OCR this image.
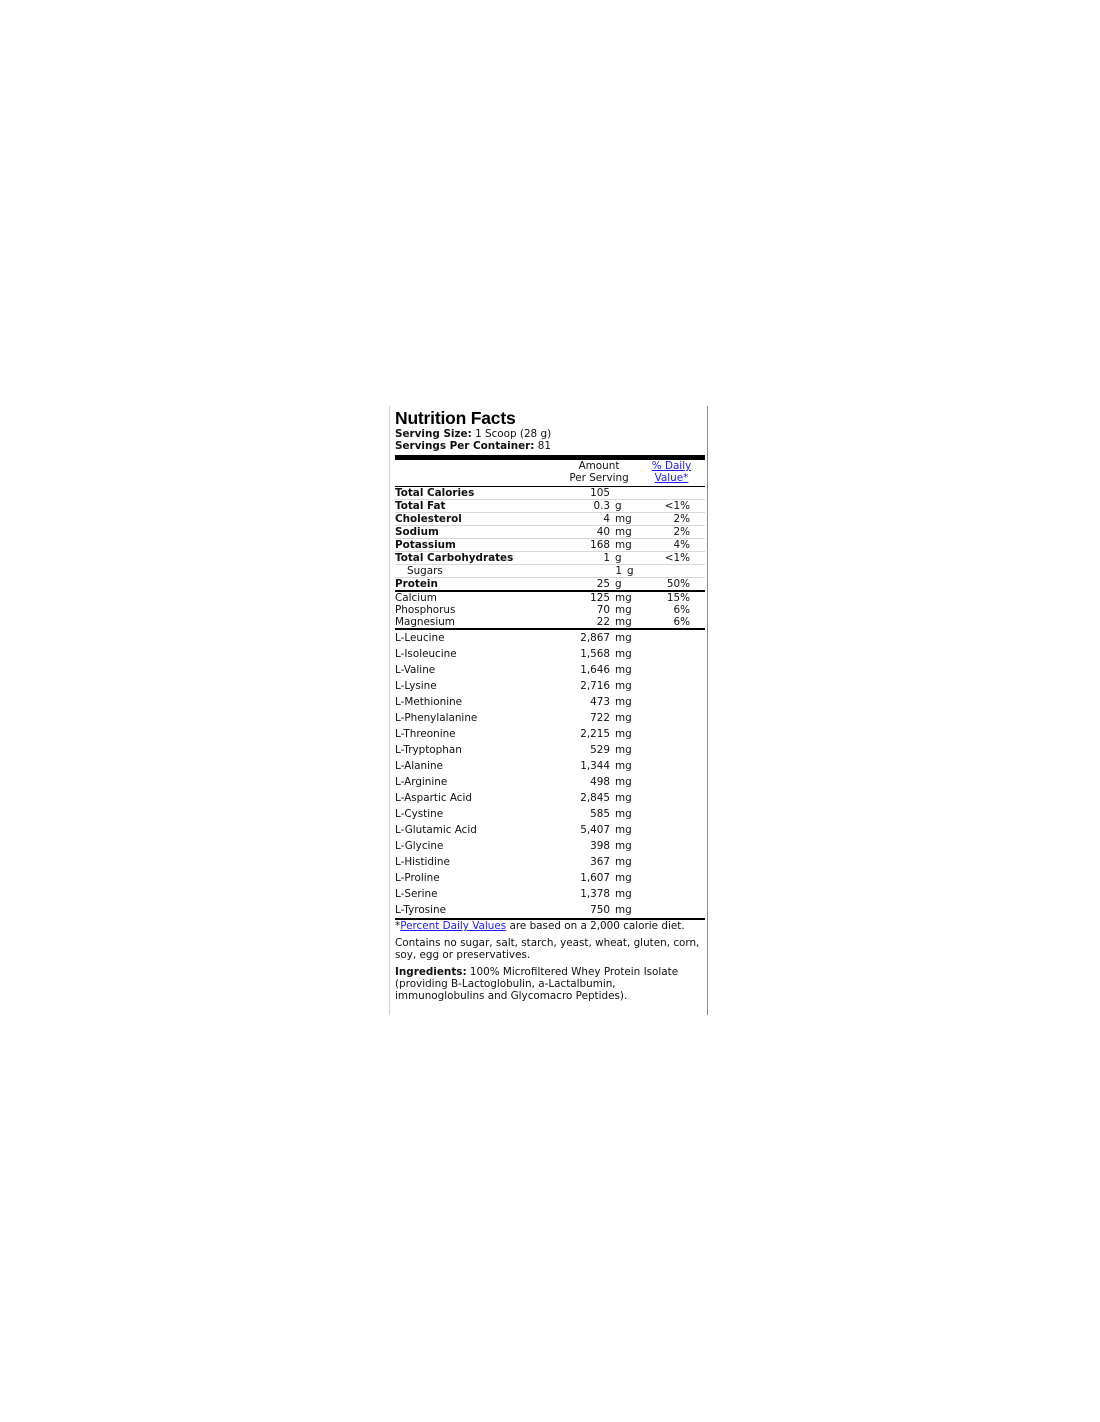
Nutrition Facts
Serving Size: 1 Scoop (28 g)
Servings Per Container: 81
Amount
Per Serving
% Daily
Value*
Total Calories	105
Total Fat	0.3 g	<1%
Cholesterol	4 mg	2%
Sodium	40 mg	2%
Potassium	168 mg	4%
Total Carbohydrates	1 g	<1%
Sugars	1 g
Protein	25 g	50%
Calcium	125 mg	15%
Phosphorus	70 mg	6%
Magnesium	22 mg	6%
L-Leucine	2,867 mg
L-Isoleucine	1,568 mg
L-Valine	1,646 mg
L-Lysine	2,716 mg
L-Methionine	473 mg
L-Phenylalanine	722 mg
L-Threonine	2,215 mg
L-Tryptophan	529 mg
L-Alanine	1,344 mg
L-Arginine	498 mg
L-Aspartic Acid	2,845 mg
L-Cystine	585 mg
L-Glutamic Acid	5,407 mg
L-Glycine	398 mg
L-Histidine	367 mg
L-Proline	1,607 mg
L-Serine	1,378 mg
L-Tyrosine	750 mg

*Percent Daily Values are based on a 2,000 calorie diet.

Contains no sugar, salt, starch, yeast, wheat, gluten, corn, soy, egg or preservatives.

Ingredients: 100% Microfiltered Whey Protein Isolate (providing B-Lactoglobulin, a-Lactalbumin, immunoglobulins and Glycomacro Peptides).
